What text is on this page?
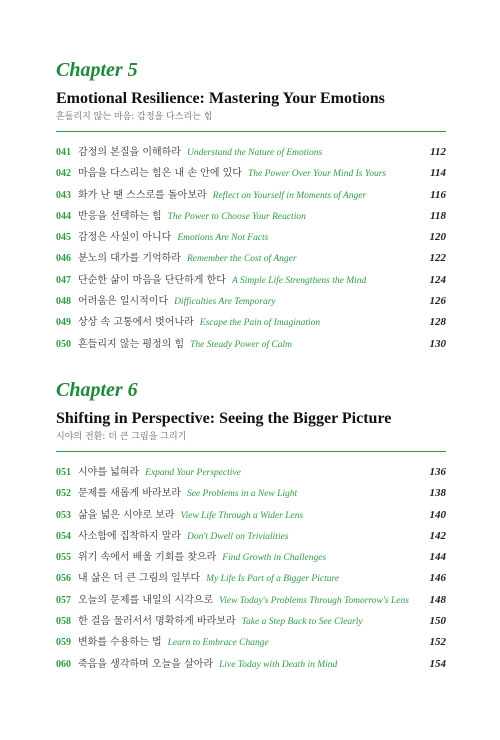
Chapter 5
Emotional Resilience: Mastering Your Emotions
흔들리지 않는 마음: 감정을 다스리는 힘
041 감정의 본질을 이해하라 Understand the Nature of Emotions	112
042 마음을 다스리는 힘은 내 손 안에 있다 The Power Over Your Mind Is Yours	114
043 화가 난 땐 스스로를 돌아보라 Reflect on Yourself in Moments of Anger	116
044 반응을 선택하는 힘 The Power to Choose Your Reaction	118
045 감정은 사실이 아니다 Emotions Are Not Facts	120
046 분노의 대가를 기억하라 Remember the Cost of Anger	122
047 단순한 삶이 마음을 단단하게 한다 A Simple Life Strengthens the Mind	124
048 어려움은 일시적이다 Difficulties Are Temporary	126
049 상상 속 고통에서 벗어나라 Escape the Pain of Imagination	128
050 흔들리지 않는 평정의 힘 The Steady Power of Calm	130
Chapter 6
Shifting in Perspective: Seeing the Bigger Picture
시야의 전환: 더 큰 그림을 그리기
051 시야를 넓혀라 Expand Your Perspective	136
052 문제를 새롭게 바라보라 See Problems in a New Light	138
053 삶을 넓은 시야로 보라 View Life Through a Wider Lens	140
054 사소함에 집착하지 말라 Don't Dwell on Trivialities	142
055 위기 속에서 배울 기회를 찾으라 Find Growth in Challenges	144
056 내 삶은 더 큰 그림의 일부다 My Life Is Part of a Bigger Picture	146
057 오늘의 문제를 내일의 시각으로 View Today's Problems Through Tomorrow's Lens	148
058 한 걸음 물러서서 명확하게 바라보라 Take a Step Back to See Clearly	150
059 변화를 수용하는 법 Learn to Embrace Change	152
060 죽음을 생각하며 오늘을 살아라 Live Today with Death in Mind	154
